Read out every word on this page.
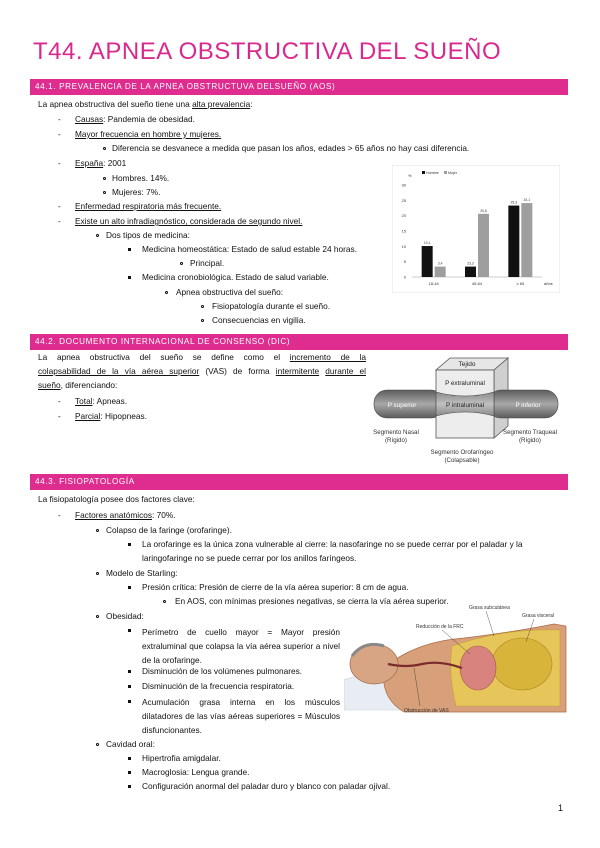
T44. APNEA OBSTRUCTIVA DEL SUEÑO
44.1. PREVALENCIA DE LA APNEA OBSTRUCTUVA DELSUEÑO (AOS)
La apnea obstructiva del sueño tiene una alta prevalencia:
- Causas: Pandemia de obesidad.
- Mayor frecuencia en hombre y mujeres.
Diferencia se desvanece a medida que pasan los años, edades > 65 años no hay casi diferencia.
- España: 2001
Hombres. 14%.
Mujeres: 7%.
- Enfermedad respiratoria más frecuente.
- Existe un alto infradiagnóstico, considerada de segundo nivel.
Dos tipos de medicina:
Medicina homeostática: Estado de salud estable 24 horas.
Principal.
Medicina cronobiológica. Estado de salud variable.
Apnea obstructiva del sueño:
Fisiopatología durante el sueño.
Consecuencias en vigilia.
0
5
10
15
20
25
30
%
Hombre	Mujer
10,1
3,4
18-44
23,3
20,6
45-64
25,3
24,1
≥ 65	años
44.2. DOCUMENTO INTERNACIONAL DE CONSENSO (DIC)
La apnea obstructiva del sueño se define como el incremento de la
colapsabilidad de la vía aérea superior (VAS) de forma intermitente durante el
sueño, diferenciando:
- Total: Apneas.
- Parcial: Hipopneas.
Tejido
P extraluminal
P intraluminal
P superior	P inferior
Segmento Nasal
(Rígido)
Segmento Traqueal
(Rígido)
Segmento Orofaríngeo
(Colapsable)
44.3. FISIOPATOLOGÍA
La fisiopatología posee dos factores clave:
- Factores anatómicos: 70%.
Colapso de la faringe (orofaringe).
La orofaringe es la única zona vulnerable al cierre: la nasofaringe no se puede cerrar por el paladar y la
laringofaringe no se puede cerrar por los anillos faríngeos.
Modelo de Starling:
Presión crítica: Presión de cierre de la vía aérea superior: 8 cm de agua.
En AOS, con mínimas presiones negativas, se cierra la vía aérea superior.
Obesidad:
Perímetro de cuello mayor = Mayor presión extraluminal que colapsa la vía aérea superior a nivel de la orofaringe.
Disminución de los volúmenes pulmonares.
Disminución de la frecuencia respiratoria.
Acumulación grasa interna en los músculos dilatadores de las vías aéreas superiores = Músculos disfuncionantes.
Cavidad oral:
Hipertrofia amigdalar.
Macroglosia: Lengua grande.
Configuración anormal del paladar duro y blanco con paladar ojival.
Grasa subcutánea
Grasa visceral
Reducción de la FRC
Obstrucción de VAS
1
